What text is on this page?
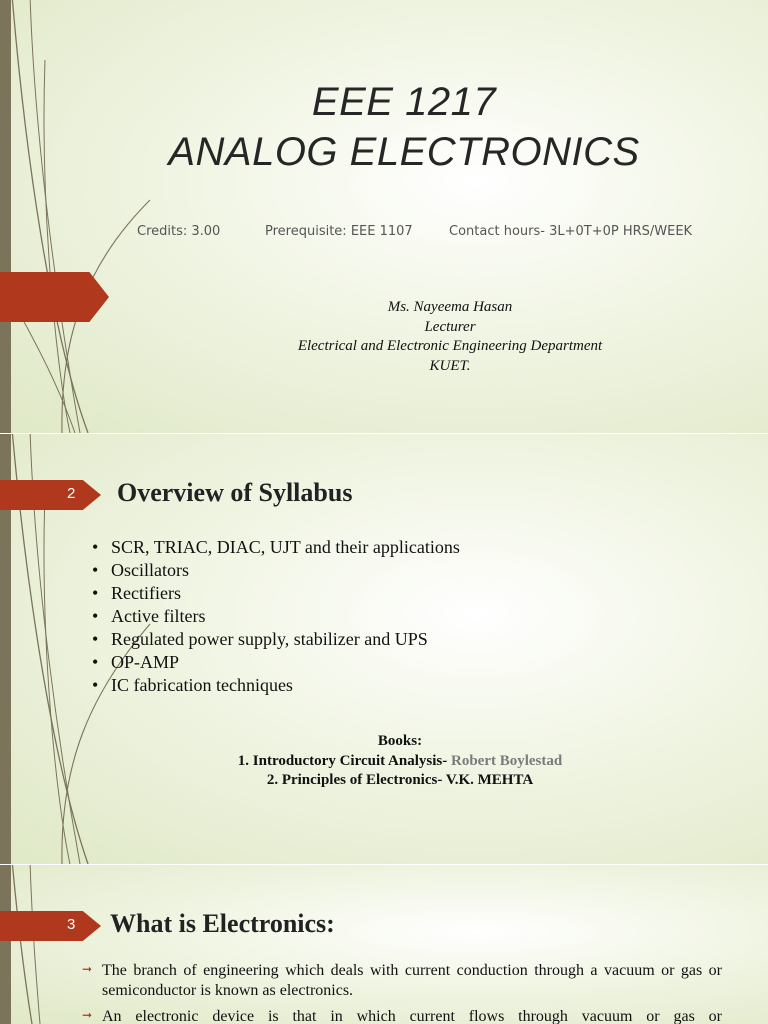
EEE 1217
ANALOG ELECTRONICS
Credits: 3.00	Prerequisite: EEE 1107	Contact hours- 3L+0T+0P HRS/WEEK
Ms. Nayeema Hasan
Lecturer
Electrical and Electronic Engineering Department
KUET.
2 Overview of Syllabus
• SCR, TRIAC, DIAC, UJT and their applications
• Oscillators
• Rectifiers
• Active filters
• Regulated power supply, stabilizer and UPS
• OP-AMP
• IC fabrication techniques
Books:
1. Introductory Circuit Analysis- Robert Boylestad
2. Principles of Electronics- V.K. MEHTA
3 What is Electronics:
➞ The branch of engineering which deals with current conduction through a vacuum or gas or semiconductor is known as electronics.
➞ An electronic device is that in which current flows through vacuum or gas or
